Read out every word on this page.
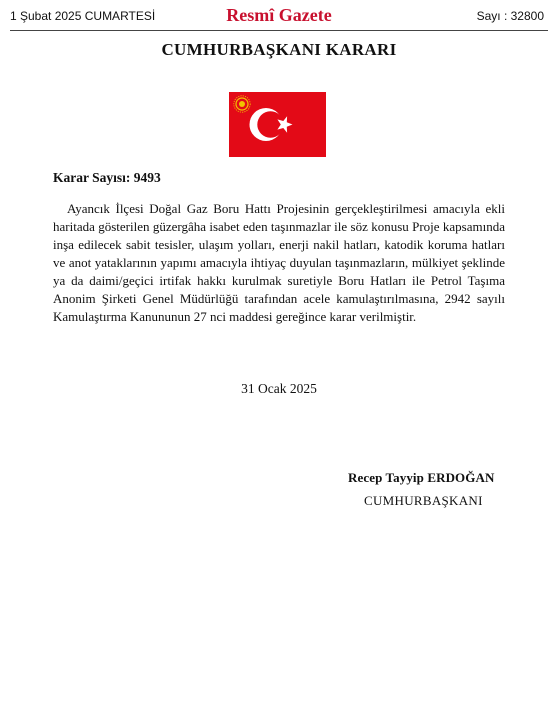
1 Şubat 2025 CUMARTESİ	Resmî Gazete	Sayı : 32800
CUMHURBAŞKANI KARARI
Karar Sayısı: 9493

Ayancık İlçesi Doğal Gaz Boru Hattı Projesinin gerçekleştirilmesi amacıyla ekli haritada gösterilen güzergâha isabet eden taşınmazlar ile söz konusu Proje kapsamında inşa edilecek sabit tesisler, ulaşım yolları, enerji nakil hatları, katodik koruma hatları ve anot yataklarının yapımı amacıyla ihtiyaç duyulan taşınmazların, mülkiyet şeklinde ya da daimi/geçici irtifak hakkı kurulmak suretiyle Boru Hatları ile Petrol Taşıma Anonim Şirketi Genel Müdürlüğü tarafından acele kamulaştırılmasına, 2942 sayılı Kamulaştırma Kanununun 27 nci maddesi gereğince karar verilmiştir.

31 Ocak 2025
Recep Tayyip ERDOĞAN
CUMHURBAŞKANI
